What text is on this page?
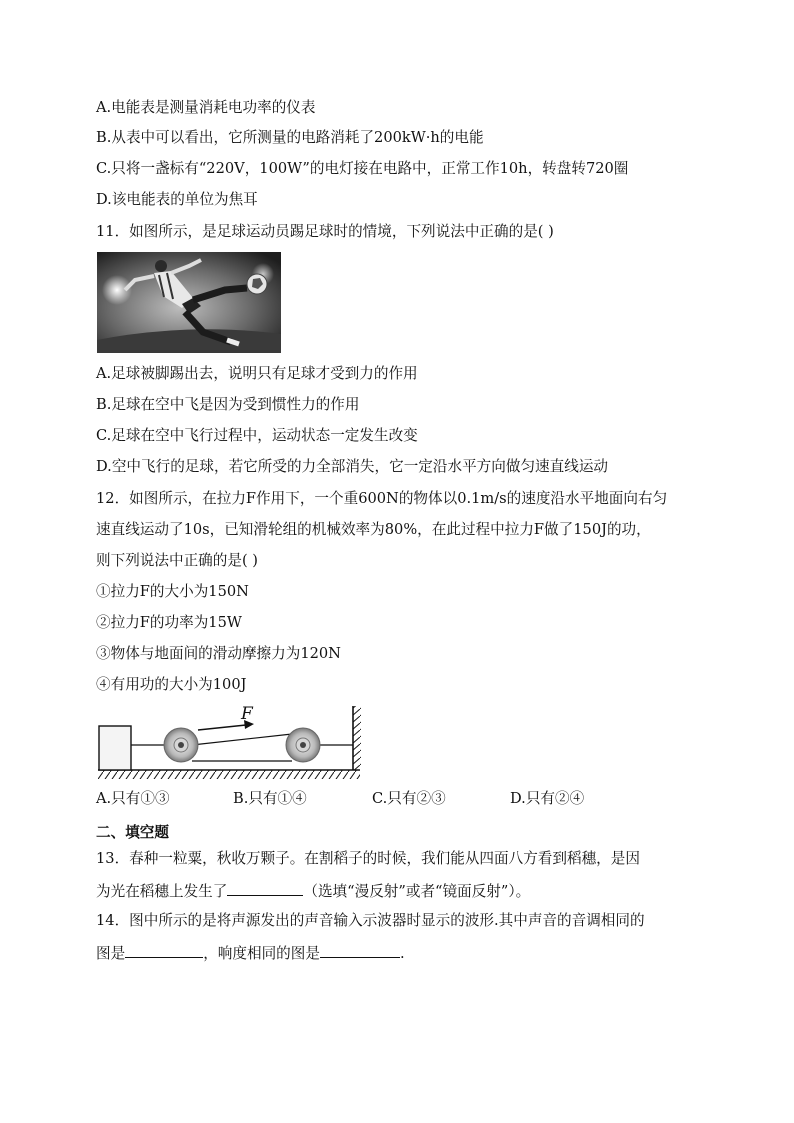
A.电能表是测量消耗电功率的仪表
B.从表中可以看出，它所测量的电路消耗了200kW·h的电能
C.只将一盏标有“220V，100W”的电灯接在电路中，正常工作10h，转盘转720圈
D.该电能表的单位为焦耳
11．如图所示，是足球运动员踢足球时的情境，下列说法中正确的是( )
A.足球被脚踢出去，说明只有足球才受到力的作用
B.足球在空中飞是因为受到惯性力的作用
C.足球在空中飞行过程中，运动状态一定发生改变
D.空中飞行的足球，若它所受的力全部消失，它一定沿水平方向做匀速直线运动
12．如图所示，在拉力F作用下，一个重600N的物体以0.1m/s的速度沿水平地面向右匀
速直线运动了10s，已知滑轮组的机械效率为80%，在此过程中拉力F做了150J的功，
则下列说法中正确的是( )
①拉力F的大小为150N
②拉力F的功率为15W
③物体与地面间的滑动摩擦力为120N
④有用功的大小为100J
F
A.只有①③	B.只有①④	C.只有②③	D.只有②④
二、填空题
13．春种一粒粟，秋收万颗子。在割稻子的时候，我们能从四面八方看到稻穗，是因
为光在稻穗上发生了	（选填“漫反射”或者“镜面反射”）。
14．图中所示的是将声源发出的声音输入示波器时显示的波形.其中声音的音调相同的
图是	，响度相同的图是	.
